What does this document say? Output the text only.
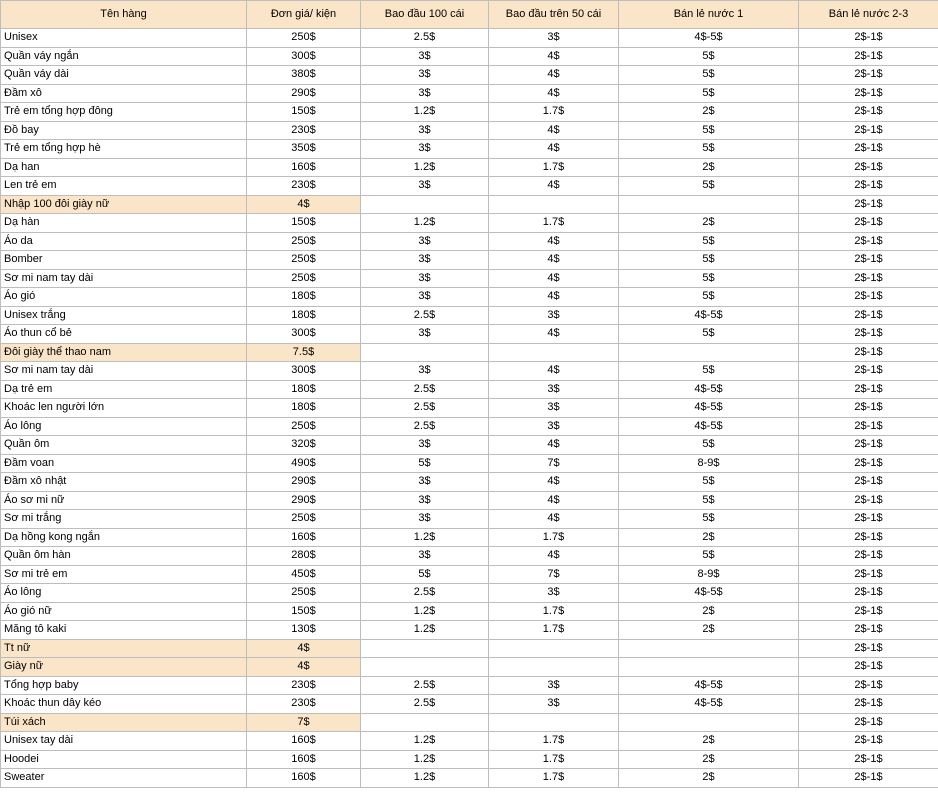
Tên hàng	Đơn giá/ kiện	Bao đầu 100 cái	Bao đầu trên 50 cái	Bán lẻ nước 1	Bán lẻ nước 2-3
Unisex	250$	2.5$	3$	4$-5$	2$-1$
Quần váy ngắn	300$	3$	4$	5$	2$-1$
Quần váy dài	380$	3$	4$	5$	2$-1$
Đầm xô	290$	3$	4$	5$	2$-1$
Trẻ em tổng hợp đông	150$	1.2$	1.7$	2$	2$-1$
Đồ bay	230$	3$	4$	5$	2$-1$
Trẻ em tổng hợp hè	350$	3$	4$	5$	2$-1$
Dạ han	160$	1.2$	1.7$	2$	2$-1$
Len trẻ em	230$	3$	4$	5$	2$-1$
Nhập 100 đôi giày nữ	4$				2$-1$
Dạ hàn	150$	1.2$	1.7$	2$	2$-1$
Áo da	250$	3$	4$	5$	2$-1$
Bomber	250$	3$	4$	5$	2$-1$
Sơ mi nam tay dài	250$	3$	4$	5$	2$-1$
Áo gió	180$	3$	4$	5$	2$-1$
Unisex trắng	180$	2.5$	3$	4$-5$	2$-1$
Áo thun cổ bẻ	300$	3$	4$	5$	2$-1$
Đôi giày thể thao nam	7.5$				2$-1$
Sơ mi nam tay dài	300$	3$	4$	5$	2$-1$
Dạ trẻ em	180$	2.5$	3$	4$-5$	2$-1$
Khoác len người lớn	180$	2.5$	3$	4$-5$	2$-1$
Áo lông	250$	2.5$	3$	4$-5$	2$-1$
Quần ôm	320$	3$	4$	5$	2$-1$
Đầm voan	490$	5$	7$	8-9$	2$-1$
Đầm xô nhật	290$	3$	4$	5$	2$-1$
Áo sơ mi nữ	290$	3$	4$	5$	2$-1$
Sơ mi trắng	250$	3$	4$	5$	2$-1$
Dạ hồng kong ngắn	160$	1.2$	1.7$	2$	2$-1$
Quần ôm hàn	280$	3$	4$	5$	2$-1$
Sơ mi trẻ em	450$	5$	7$	8-9$	2$-1$
Áo lông	250$	2.5$	3$	4$-5$	2$-1$
Áo gió nữ	150$	1.2$	1.7$	2$	2$-1$
Măng tô kaki	130$	1.2$	1.7$	2$	2$-1$
Tt nữ	4$				2$-1$
Giày nữ	4$				2$-1$
Tổng hợp baby	230$	2.5$	3$	4$-5$	2$-1$
Khoác thun dây kéo	230$	2.5$	3$	4$-5$	2$-1$
Túi xách	7$				2$-1$
Unisex tay dài	160$	1.2$	1.7$	2$	2$-1$
Hoodei	160$	1.2$	1.7$	2$	2$-1$
Sweater	160$	1.2$	1.7$	2$	2$-1$
